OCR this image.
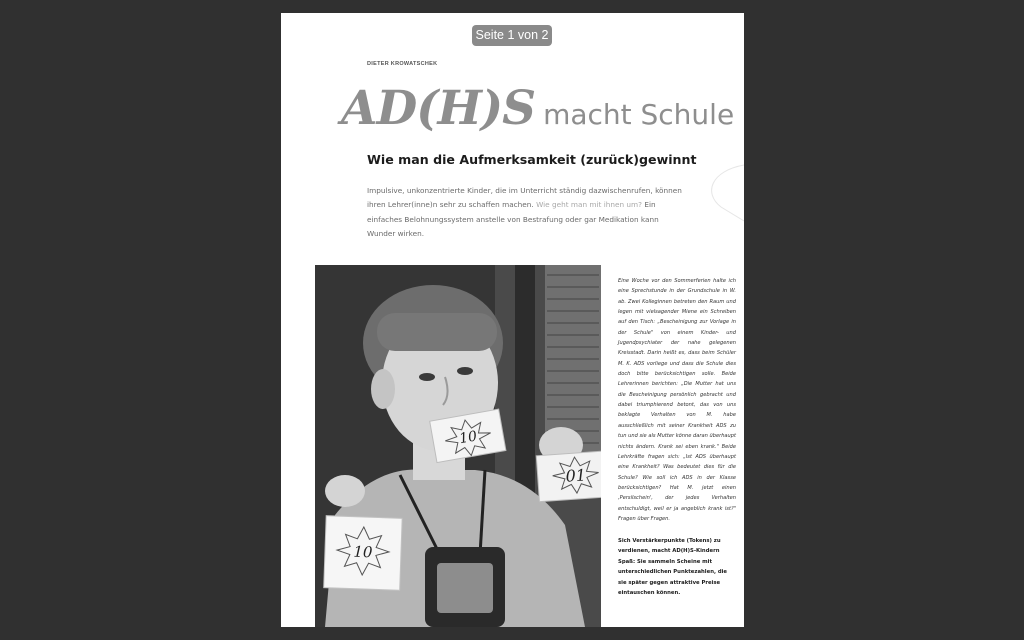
DIETER KROWATSCHEK
AD(H)S macht Schule
Wie man die Aufmerksamkeit (zurück)gewinnt
Impulsive, unkonzentrierte Kinder, die im Unterricht ständig dazwischenrufen, können ihren Lehrer(inne)n sehr zu schaffen machen. Wie geht man mit ihnen um? Ein einfaches Belohnungssystem anstelle von Bestrafung oder gar Medikation kann Wunder wirken.
10
01
10
Eine Woche vor den Sommerferien halte ich eine Sprechstunde in der Grundschule in W. ab. Zwei Kolleginnen betreten den Raum und legen mit vielsagender Miene ein Schreiben auf den Tisch: „Bescheinigung zur Vorlage in der Schule" von einem Kinder- und Jugendpsychiater der nahe gelegenen Kreisstadt. Darin heißt es, dass beim Schüler M. K. ADS vorliege und dass die Schule dies doch bitte berücksichtigen solle. Beide Lehrerinnen berichten: „Die Mutter hat uns die Bescheinigung persönlich gebracht und dabei triumphierend betont, das von uns beklagte Verhalten von M. habe ausschließlich mit seiner Krankheit ADS zu tun und sie als Mutter könne daran überhaupt nichts ändern. Krank sei eben krank." Beide Lehrkräfte fragen sich: „Ist ADS überhaupt eine Krankheit? Was bedeutet dies für die Schule? Wie soll ich ADS in der Klasse berücksichtigen? Hat M. jetzt einen ‚Persilschein', der jedes Verhalten entschuldigt, weil er ja angeblich krank ist?" Fragen über Fragen.
Sich Verstärkerpunkte (Tokens) zu verdienen, macht AD(H)S-Kindern Spaß: Sie sammeln Scheine mit unterschiedlichen Punktezahlen, die sie später gegen attraktive Preise eintauschen können.
Seite 1 von 2
